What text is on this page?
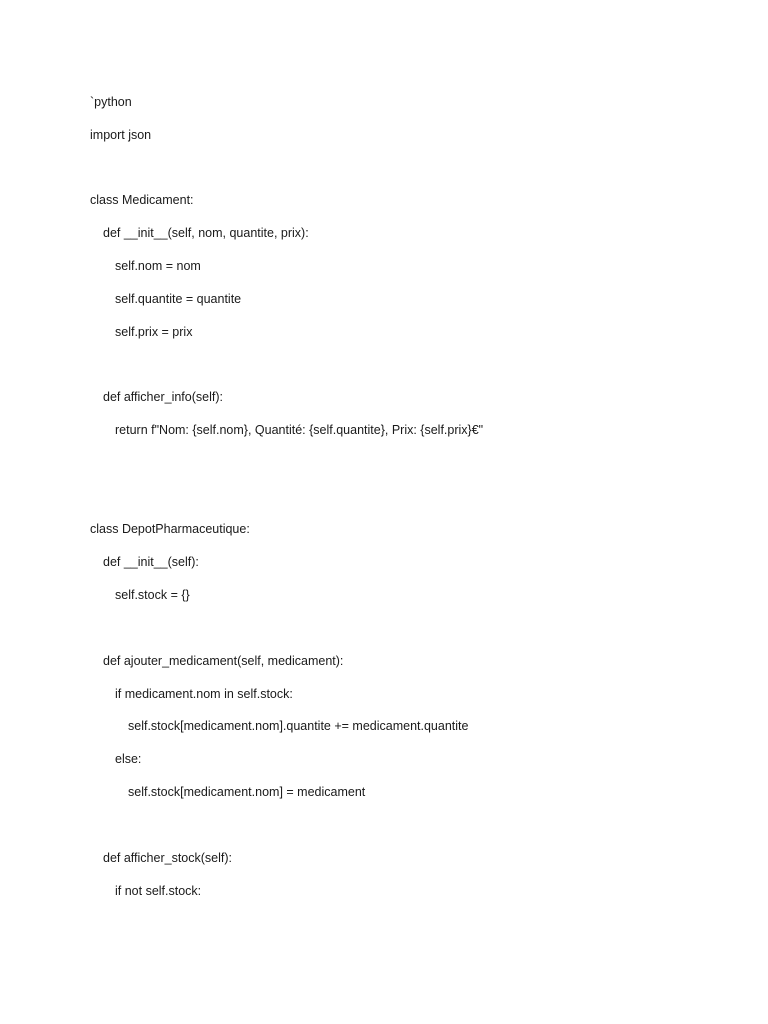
`python
import json
class Medicament:
def __init__(self, nom, quantite, prix):
self.nom = nom
self.quantite = quantite
self.prix = prix
def afficher_info(self):
return f"Nom: {self.nom}, Quantité: {self.quantite}, Prix: {self.prix}€"
class DepotPharmaceutique:
def __init__(self):
self.stock = {}
def ajouter_medicament(self, medicament):
if medicament.nom in self.stock:
self.stock[medicament.nom].quantite += medicament.quantite
else:
self.stock[medicament.nom] = medicament
def afficher_stock(self):
if not self.stock:
